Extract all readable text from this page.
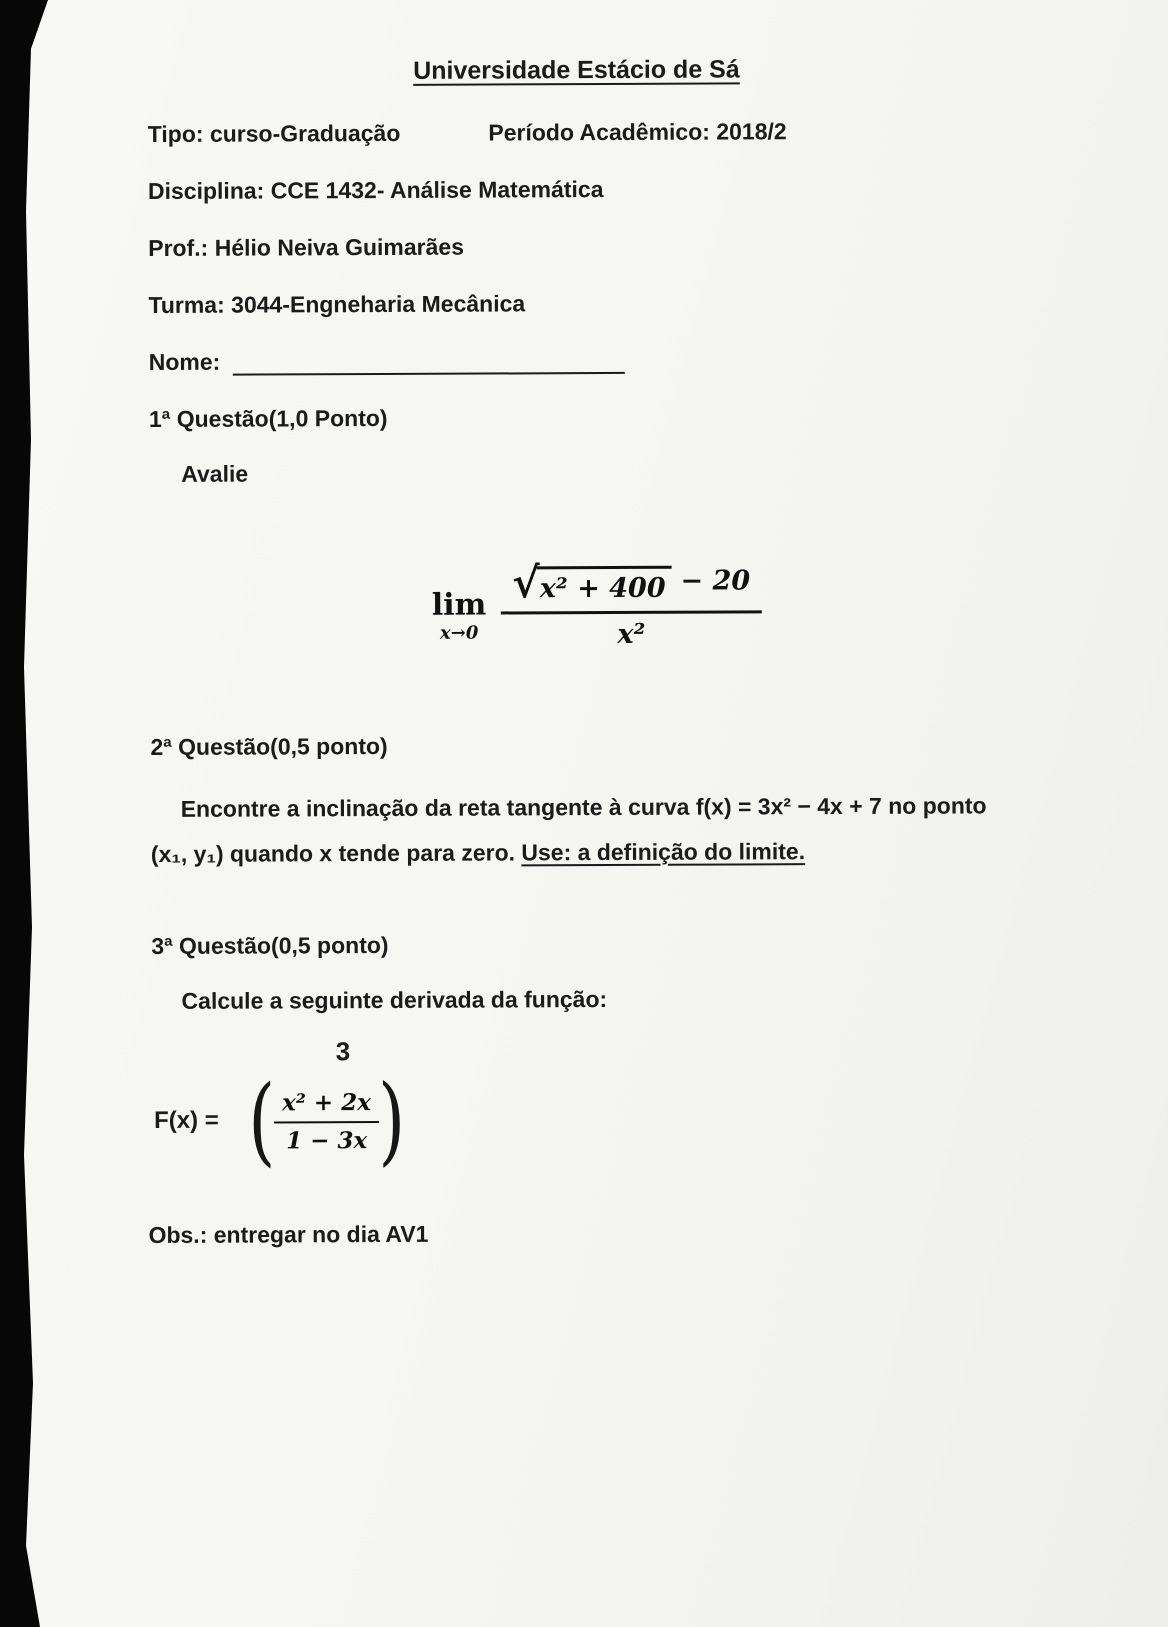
Universidade Estácio de Sá

Tipo: curso-Graduação	Período Acadêmico: 2018/2

Disciplina: CCE 1432- Análise Matemática

Prof.: Hélio Neiva Guimarães

Turma: 3044-Engneharia Mecânica

Nome:

1ª Questão(1,0 Ponto)

Avalie

lim
$x\to 0 \frac{\text{√ x² + 400 − 20}}{\text{x²}}$
2ª Questão(0,5 ponto)

Encontre a inclinação da reta tangente à curva f(x) = 3x² − 4x + 7 no ponto (x₁, y₁) quando x tende para zero. Use: a definição do limite.

3ª Questão(0,5 ponto)

Calcule a seguinte derivada da função:

3
F(x) = (
$\frac{\text{x² + 2x}}{1 - 3x}$
)

Obs.: entregar no dia AV1
